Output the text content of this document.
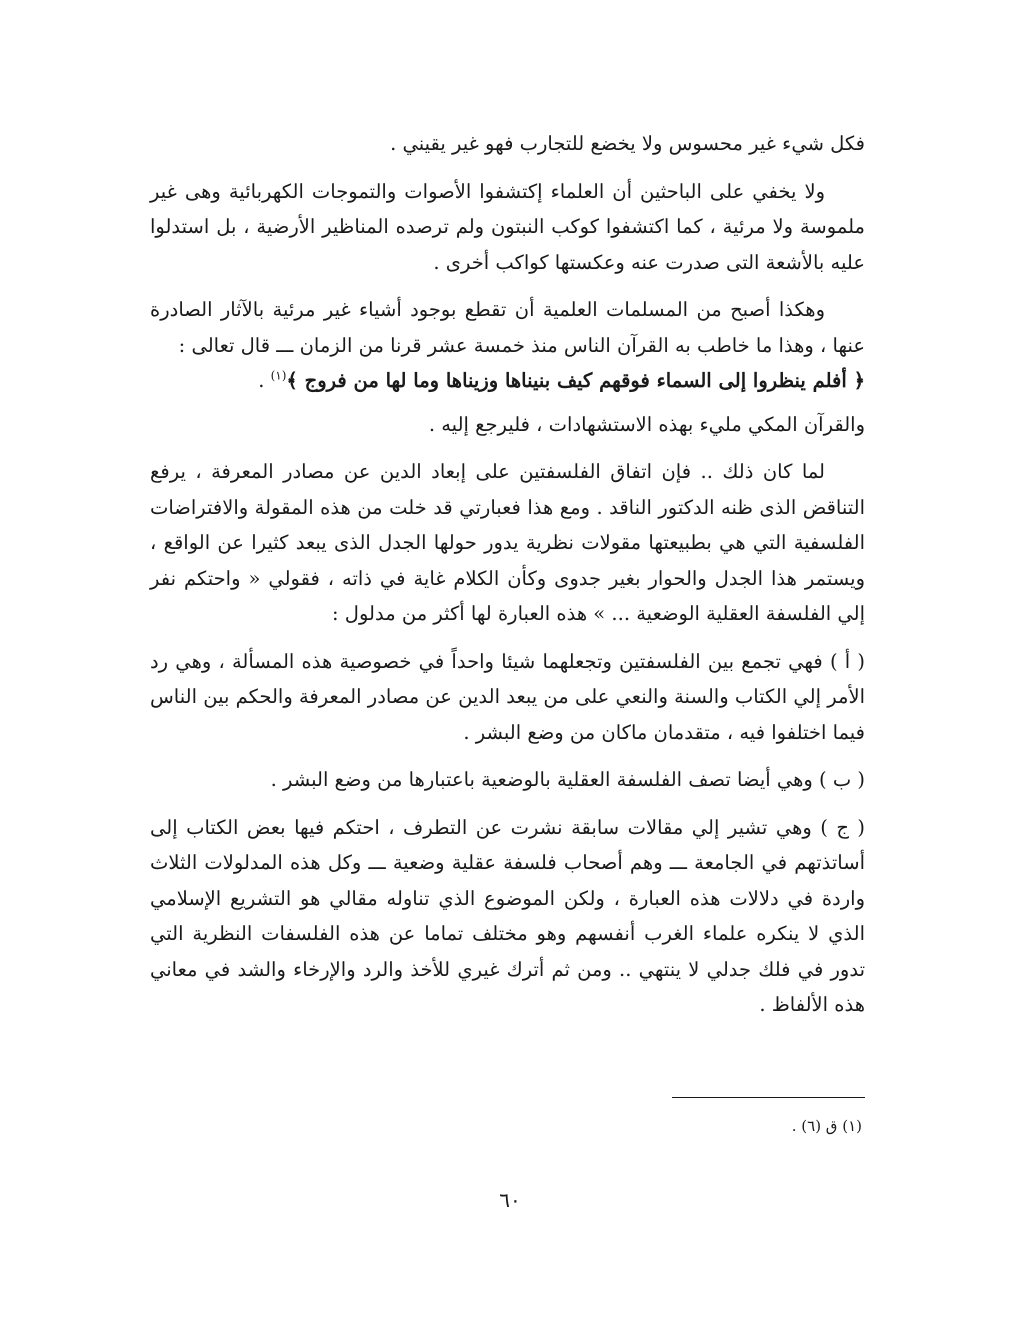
فكل شيء غير محسوس ولا يخضع للتجارب فهو غير يقيني .

ولا يخفي على الباحثين أن العلماء إكتشفوا الأصوات والتموجات الكهربائية وهى غير ملموسة ولا مرئية ، كما اكتشفوا كوكب النبتون ولم ترصده المناظير الأرضية ، بل استدلوا عليه بالأشعة التى صدرت عنه وعكستها كواكب أخرى .

وهكذا أصبح من المسلمات العلمية أن تقطع بوجود أشياء غير مرئية بالآثار الصادرة عنها ، وهذا ما خاطب به القرآن الناس منذ خمسة عشر قرنا من الزمان ـــ قال تعالى :
﴿ أفلم ينظروا إلى السماء فوقهم كيف بنيناها وزيناها وما لها من فروج ﴾$^{(١)}$ .

والقرآن المكي مليء بهذه الاستشهادات ، فليرجع إليه .

لما كان ذلك .. فإن اتفاق الفلسفتين على إبعاد الدين عن مصادر المعرفة ، يرفع التناقض الذى ظنه الدكتور الناقد . ومع هذا فعبارتي قد خلت من هذه المقولة والافتراضات الفلسفية التي هي بطبيعتها مقولات نظرية يدور حولها الجدل الذى يبعد كثيرا عن الواقع ، ويستمر هذا الجدل والحوار بغير جدوى وكأن الكلام غاية في ذاته ، فقولي « واحتكم نفر إلي الفلسفة العقلية الوضعية ... » هذه العبارة لها أكثر من مدلول :

( أ ) فهي تجمع بين الفلسفتين وتجعلهما شيئا واحداً في خصوصية هذه المسألة ، وهي رد الأمر إلي الكتاب والسنة والنعي على من يبعد الدين عن مصادر المعرفة والحكم بين الناس فيما اختلفوا فيه ، متقدمان ماكان من وضع البشر .

( ب ) وهي أيضا تصف الفلسفة العقلية بالوضعية باعتبارها من وضع البشر .

( ج ) وهي تشير إلي مقالات سابقة نشرت عن التطرف ، احتكم فيها بعض الكتاب إلى أساتذتهم في الجامعة ـــ وهم أصحاب فلسفة عقلية وضعية ـــ وكل هذه المدلولات الثلاث واردة في دلالات هذه العبارة ، ولكن الموضوع الذي تناوله مقالي هو التشريع الإسلامي الذي لا ينكره علماء الغرب أنفسهم وهو مختلف تماما عن هذه الفلسفات النظرية التي تدور في فلك جدلي لا ينتهي .. ومن ثم أترك غيري للأخذ والرد والإرخاء والشد في معاني هذه الألفاظ .

(١) ق (٦) .
٦٠
